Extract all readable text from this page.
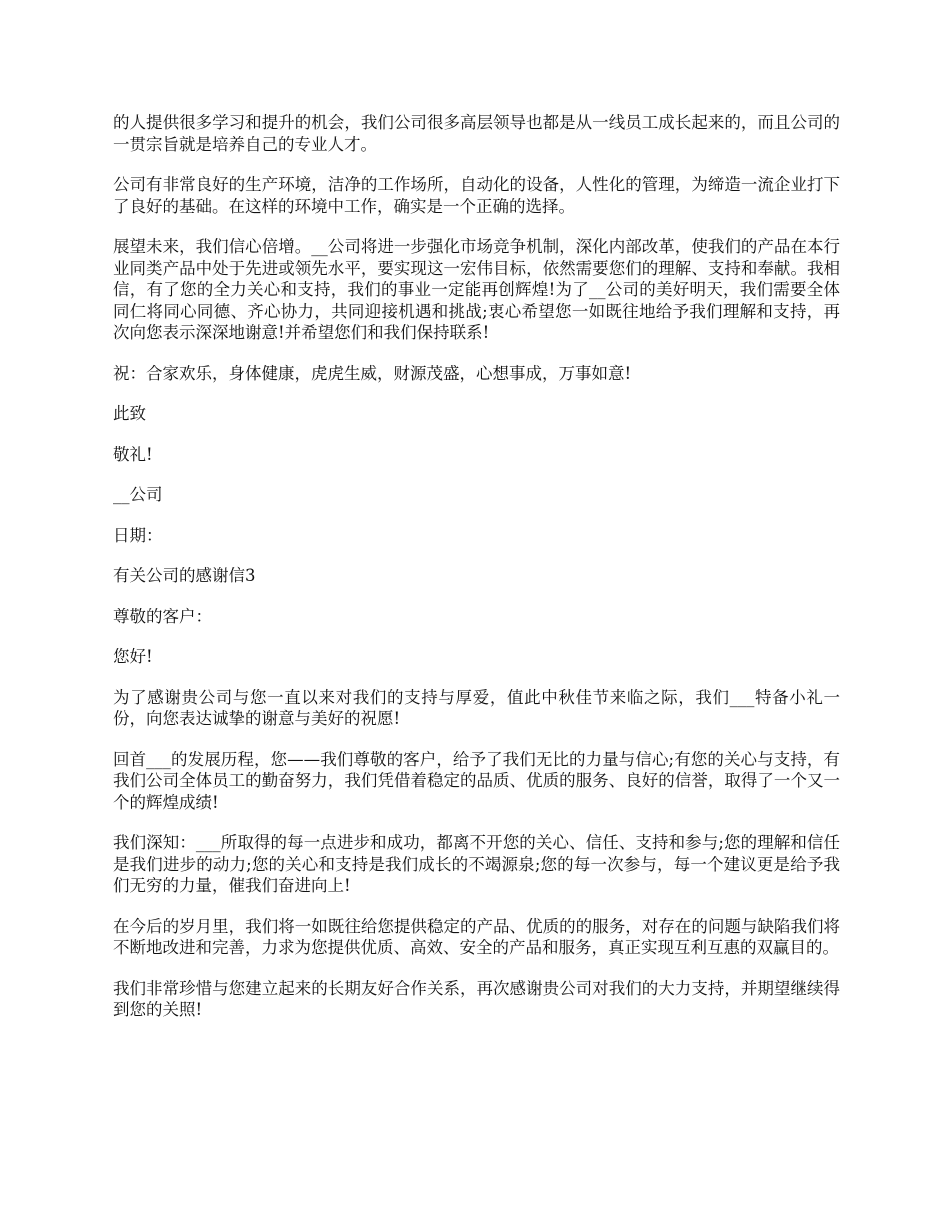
的人提供很多学习和提升的机会，我们公司很多高层领导也都是从一线员工成长起来的，而且公司的一贯宗旨就是培养自己的专业人才。

公司有非常良好的生产环境，洁净的工作场所，自动化的设备，人性化的管理，为缔造一流企业打下了良好的基础。在这样的环境中工作，确实是一个正确的选择。

展望未来，我们信心倍增。__公司将进一步强化市场竞争机制，深化内部改革，使我们的产品在本行业同类产品中处于先进或领先水平，要实现这一宏伟目标，依然需要您们的理解、支持和奉献。我相信，有了您的全力关心和支持，我们的事业一定能再创辉煌!为了__公司的美好明天，我们需要全体同仁将同心同德、齐心协力，共同迎接机遇和挑战;衷心希望您一如既往地给予我们理解和支持，再次向您表示深深地谢意!并希望您们和我们保持联系!

祝：合家欢乐，身体健康，虎虎生威，财源茂盛，心想事成，万事如意!

此致

敬礼!

__公司

日期：

有关公司的感谢信3

尊敬的客户：

您好!

为了感谢贵公司与您一直以来对我们的支持与厚爱，值此中秋佳节来临之际，我们___特备小礼一份，向您表达诚挚的谢意与美好的祝愿!

回首___的发展历程，您——我们尊敬的客户，给予了我们无比的力量与信心;有您的关心与支持，有我们公司全体员工的勤奋努力，我们凭借着稳定的品质、优质的服务、良好的信誉，取得了一个又一个的辉煌成绩!

我们深知：___所取得的每一点进步和成功，都离不开您的关心、信任、支持和参与;您的理解和信任是我们进步的动力;您的关心和支持是我们成长的不竭源泉;您的每一次参与，每一个建议更是给予我们无穷的力量，催我们奋进向上!

在今后的岁月里，我们将一如既往给您提供稳定的产品、优质的的服务，对存在的问题与缺陷我们将不断地改进和完善，力求为您提供优质、高效、安全的产品和服务，真正实现互利互惠的双赢目的。

我们非常珍惜与您建立起来的长期友好合作关系，再次感谢贵公司对我们的大力支持，并期望继续得到您的关照!
